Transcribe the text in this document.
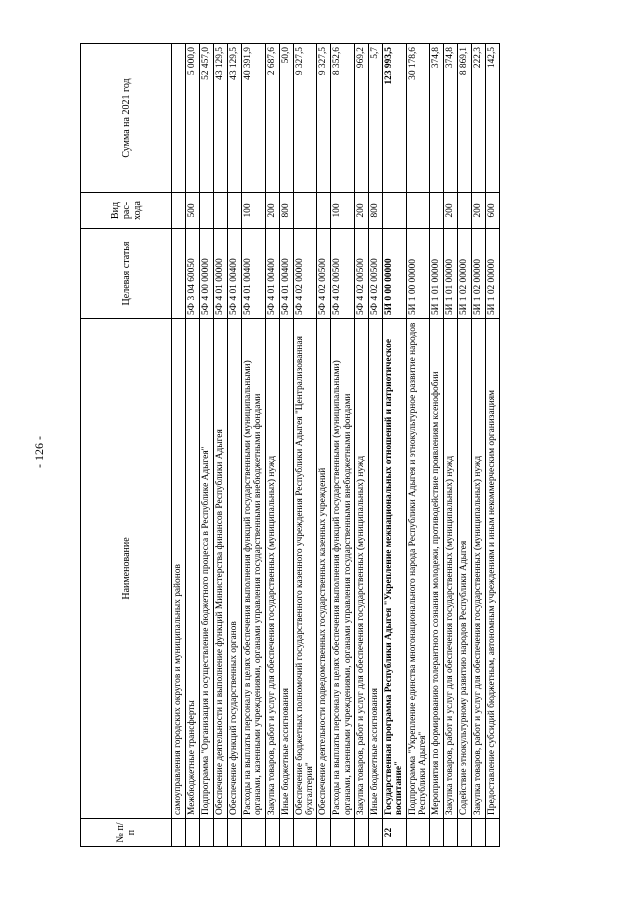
- 126 -
№ п/п	Наименование	Целевая статья	Вид рас-хода	Сумма на 2021 год
	самоуправления городских округов и муниципальных районов			
	Межбюджетные трансферты	5Ф 3 04 60050	500	5 000,0
	Подпрограмма "Организация и осуществление бюджетного процесса в Республике Адыгея"	5Ф 4 00 00000		52 457,0
	Обеспечение деятельности и выполнение функций Министерства финансов Республики Адыгея	5Ф 4 01 00000		43 129,5
	Обеспечение функций государственных органов	5Ф 4 01 00400		43 129,5
	Расходы на выплаты персоналу в целях обеспечения выполнения функций государственными (муниципальными) органами, казенными учреждениями, органами управления государственными внебюджетными фондами	5Ф 4 01 00400	100	40 391,9
	Закупка товаров, работ и услуг для обеспечения государственных (муниципальных) нужд	5Ф 4 01 00400	200	2 687,6
	Иные бюджетные ассигнования	5Ф 4 01 00400	800	50,0
	Обеспечение бюджетных полномочий государственного казенного учреждения Республики Адыгея "Централизованная бухгалтерия"	5Ф 4 02 00000		9 327,5
	Обеспечение деятельности подведомственных государственных казенных учреждений	5Ф 4 02 00500		9 327,5
	Расходы на выплаты персоналу в целях обеспечения выполнения функций государственными (муниципальными) органами, казенными учреждениями, органами управления государственными внебюджетными фондами	5Ф 4 02 00500	100	8 352,6
	Закупка товаров, работ и услуг для обеспечения государственных (муниципальных) нужд	5Ф 4 02 00500	200	969,2
	Иные бюджетные ассигнования	5Ф 4 02 00500	800	5,7
22	Государственная программа Республики Адыгея "Укрепление межнациональных отношений и патриотическое воспитание"	5И 0 00 00000		123 993,5
	Подпрограмма "Укрепление единства многонационального народа Республики Адыгея и этнокультурное развитие народов Республики Адыгея"	5И 1 00 00000		30 178,6
	Мероприятия по формированию толерантного сознания молодежи, противодействие проявлениям ксенофобии	5И 1 01 00000		374,8
	Закупка товаров, работ и услуг для обеспечения государственных (муниципальных) нужд	5И 1 01 00000	200	374,8
	Содействие этнокультурному развитию народов Республики Адыгея	5И 1 02 00000		8 869,1
	Закупка товаров, работ и услуг для обеспечения государственных (муниципальных) нужд	5И 1 02 00000	200	222,3
	Предоставление субсидий бюджетным, автономным учреждениям и иным некоммерческим организациям	5И 1 02 00000	600	142,5
